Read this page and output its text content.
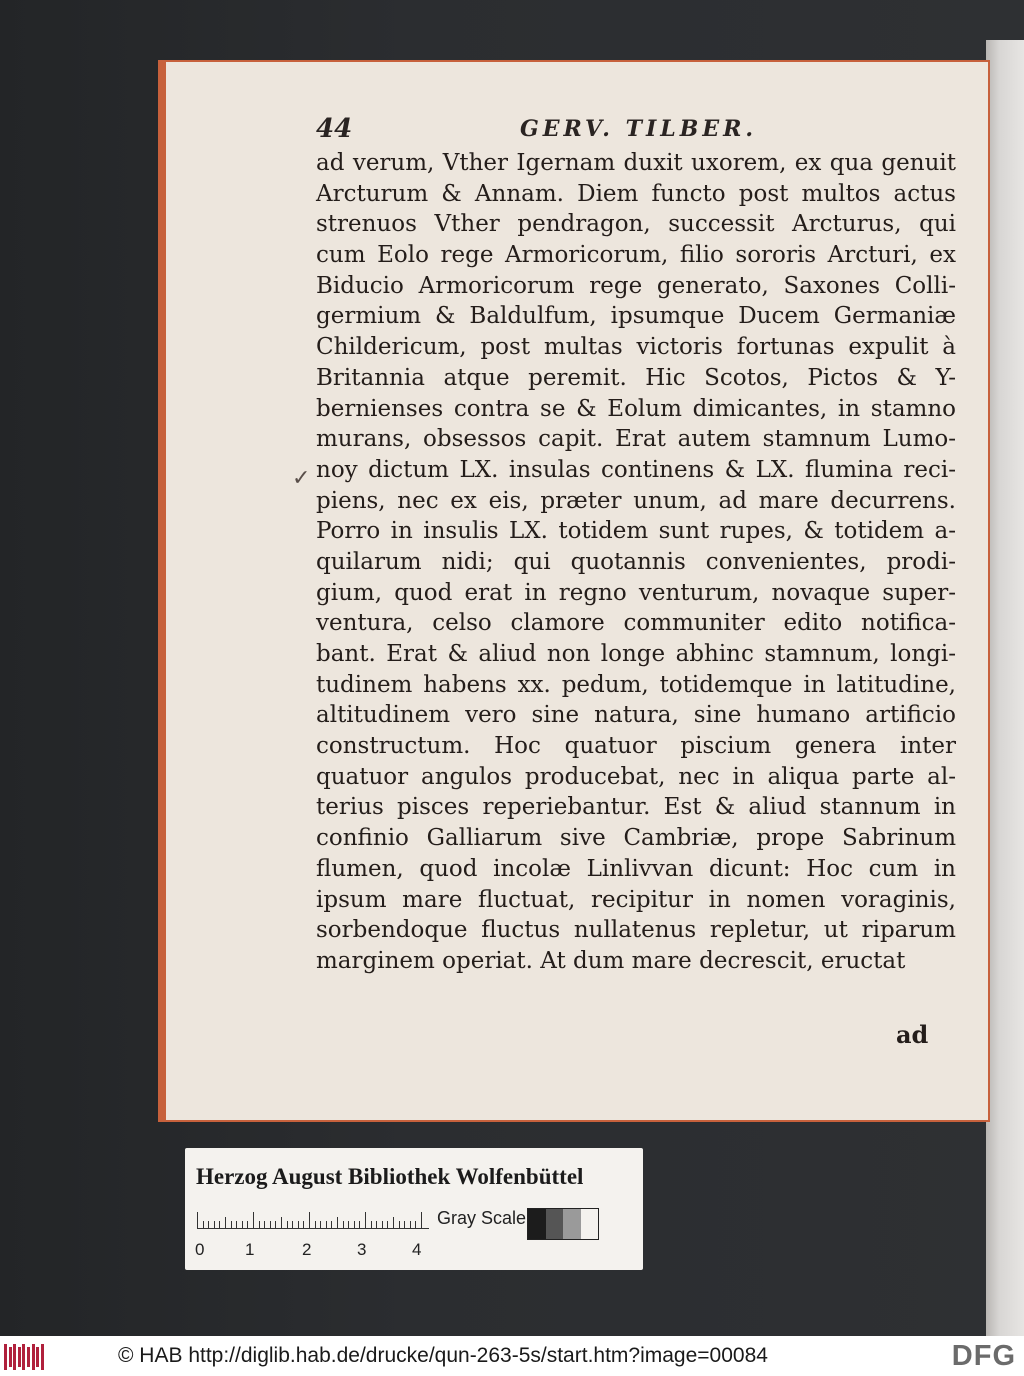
44	GERV. TILBER.
✓
ad verum, Vther Igernam duxit uxorem, ex qua genuit
Arcturum & Annam. Diem functo post multos actus
strenuos Vther pendragon, successit Arcturus, qui
cum Eolo rege Armoricorum, filio sororis Arcturi, ex
Biducio Armoricorum rege generato, Saxones Colli-
germium & Baldulfum, ipsumque Ducem Germaniæ
Childericum, post multas victoris fortunas expulit à
Britannia atque peremit. Hic Scotos, Pictos & Y-
bernienses contra se & Eolum dimicantes, in stamno
murans, obsessos capit. Erat autem stamnum Lumo-
noy dictum LX. insulas continens & LX. flumina reci-
piens, nec ex eis, præter unum, ad mare decurrens.
Porro in insulis LX. totidem sunt rupes, & totidem a-
quilarum nidi; qui quotannis convenientes, prodi-
gium, quod erat in regno venturum, novaque super-
ventura, celso clamore communiter edito notifica-
bant. Erat & aliud non longe abhinc stamnum, longi-
tudinem habens xx. pedum, totidemque in latitudine,
altitudinem vero sine natura, sine humano artificio
constructum. Hoc quatuor piscium genera inter
quatuor angulos producebat, nec in aliqua parte al-
terius pisces reperiebantur. Est & aliud stannum in
confinio Galliarum sive Cambriæ, prope Sabrinum
flumen, quod incolæ Linlivvan dicunt: Hoc cum in
ipsum mare fluctuat, recipitur in nomen voraginis,
sorbendoque fluctus nullatenus repletur, ut riparum
marginem operiat. At dum mare decrescit, eructat
ad
Herzog August Bibliothek Wolfenbüttel
0 1	2	3	4
Gray Scale
© HAB http://diglib.hab.de/drucke/qun-263-5s/start.htm?image=00084	DFG
